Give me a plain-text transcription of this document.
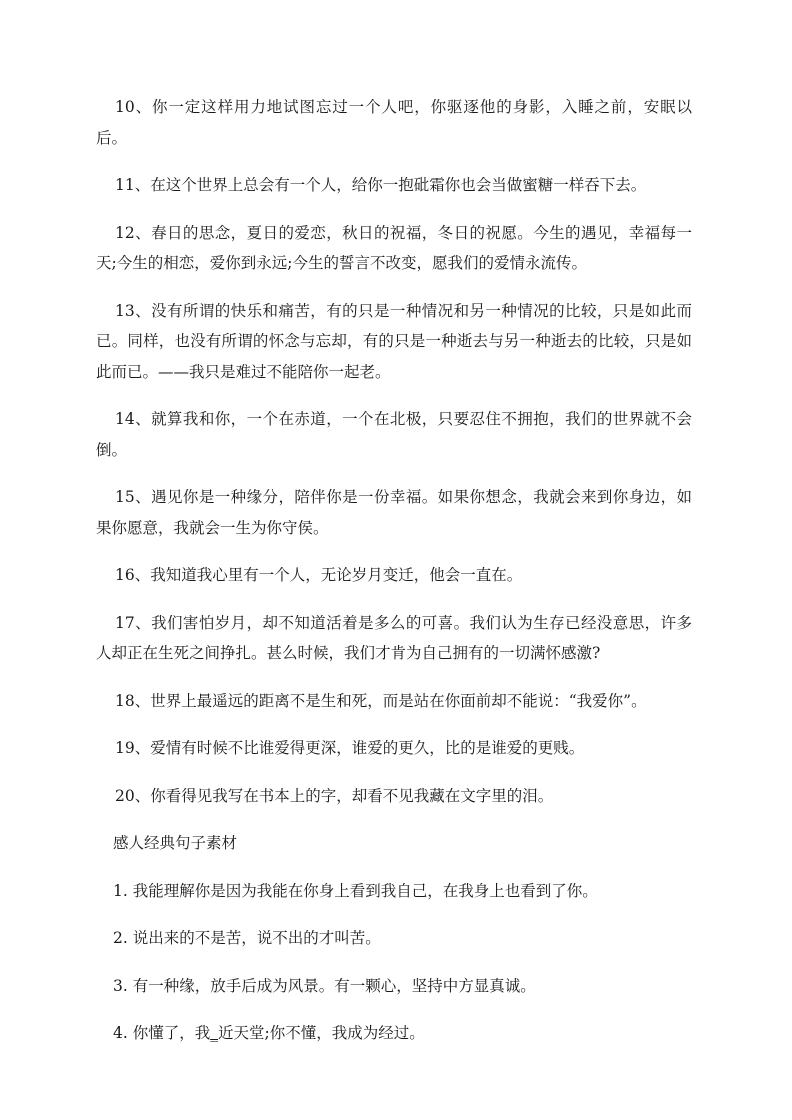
10、你一定这样用力地试图忘过一个人吧，你驱逐他的身影，入睡之前，安眠以后。

11、在这个世界上总会有一个人，给你一抱砒霜你也会当做蜜糖一样吞下去。

12、春日的思念，夏日的爱恋，秋日的祝福，冬日的祝愿。今生的遇见，幸福每一天;今生的相恋，爱你到永远;今生的誓言不改变，愿我们的爱情永流传。

13、没有所谓的快乐和痛苦，有的只是一种情况和另一种情况的比较，只是如此而已。同样，也没有所谓的怀念与忘却，有的只是一种逝去与另一种逝去的比较，只是如此而已。——我只是难过不能陪你一起老。

14、就算我和你，一个在赤道，一个在北极，只要忍住不拥抱，我们的世界就不会倒。

15、遇见你是一种缘分，陪伴你是一份幸福。如果你想念，我就会来到你身边，如果你愿意，我就会一生为你守侯。

16、我知道我心里有一个人，无论岁月变迁，他会一直在。

17、我们害怕岁月，却不知道活着是多么的可喜。我们认为生存已经没意思，许多人却正在生死之间挣扎。甚么时候，我们才肯为自己拥有的一切满怀感激?

18、世界上最遥远的距离不是生和死，而是站在你面前却不能说：“我爱你”。

19、爱情有时候不比谁爱得更深，谁爱的更久，比的是谁爱的更贱。

20、你看得见我写在书本上的字，却看不见我藏在文字里的泪。

感人经典句子素材

1. 我能理解你是因为我能在你身上看到我自己，在我身上也看到了你。

2. 说出来的不是苦，说不出的才叫苦。

3. 有一种缘，放手后成为风景。有一颗心，坚持中方显真诚。

4. 你懂了，我_近天堂;你不懂，我成为经过。
